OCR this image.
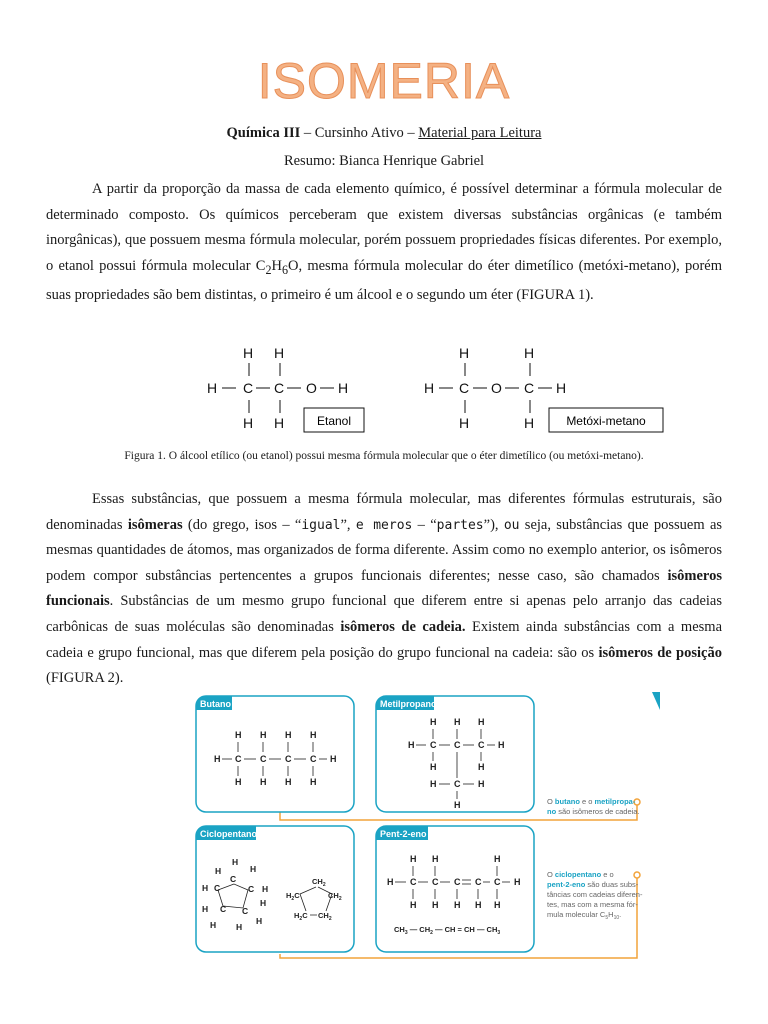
ISOMERIA
Química III – Cursinho Ativo – Material para Leitura
Resumo: Bianca Henrique Gabriel

A partir da proporção da massa de cada elemento químico, é possível determinar a fórmula molecular de determinado composto. Os químicos perceberam que existem diversas substâncias orgânicas (e também inorgânicas), que possuem mesma fórmula molecular, porém possuem propriedades físicas diferentes. Por exemplo, o etanol possui fórmula molecular $C_2H_6O$, mesma fórmula molecular do éter dimetílico (metóxi-metano), porém suas propriedades são bem distintas, o primeiro é um álcool e o segundo um éter (FIGURA 1).

H H
H C C O H
H H
H	H
H C O C H
H	H
Etanol	Metóxi-metano
Figura 1. O álcool etílico (ou etanol) possui mesma fórmula molecular que o éter dimetílico (ou metóxi-metano).

Essas substâncias, que possuem a mesma fórmula molecular, mas diferentes fórmulas estruturais, são denominadas isômeras (do grego, isos – “igual”, e meros – “partes”), ou seja, substâncias que possuem as mesmas quantidades de átomos, mas organizados de forma diferente. Assim como no exemplo anterior, os isômeros podem compor substâncias pertencentes a grupos funcionais diferentes; nesse caso, são chamados isômeros funcionais. Substâncias de um mesmo grupo funcional que diferem entre si apenas pelo arranjo das cadeias carbônicas de suas moléculas são denominadas isômeros de cadeia. Existem ainda substâncias com a mesma cadeia e grupo funcional, mas que diferem pela posição do grupo funcional na cadeia: são os isômeros de posição (FIGURA 2).

Butano
H H H H
H C C C C H
H H H H
Metilpropano
H H H
H C C C H
H	H
H C H
H	O butano e o metilpropa- no são isômeros de cadeia.
Ciclopentano
H
H	H
C
H C	C H
H C C
H
H H
H
$CH_2$
$H_2C$	$CH_2$
$H_2C$ $CH_2$
Pent-2-eno
H H	H
H C C C C C H
H H H H H
$CH_3$ — $CH_2$ — CH = CH — $CH_3$
O ciclopentano e o pent-2-eno são duas subs- tâncias com cadeias diferen- tes, mas com a mesma fór- mula molecular $C_5H_{10}$.
